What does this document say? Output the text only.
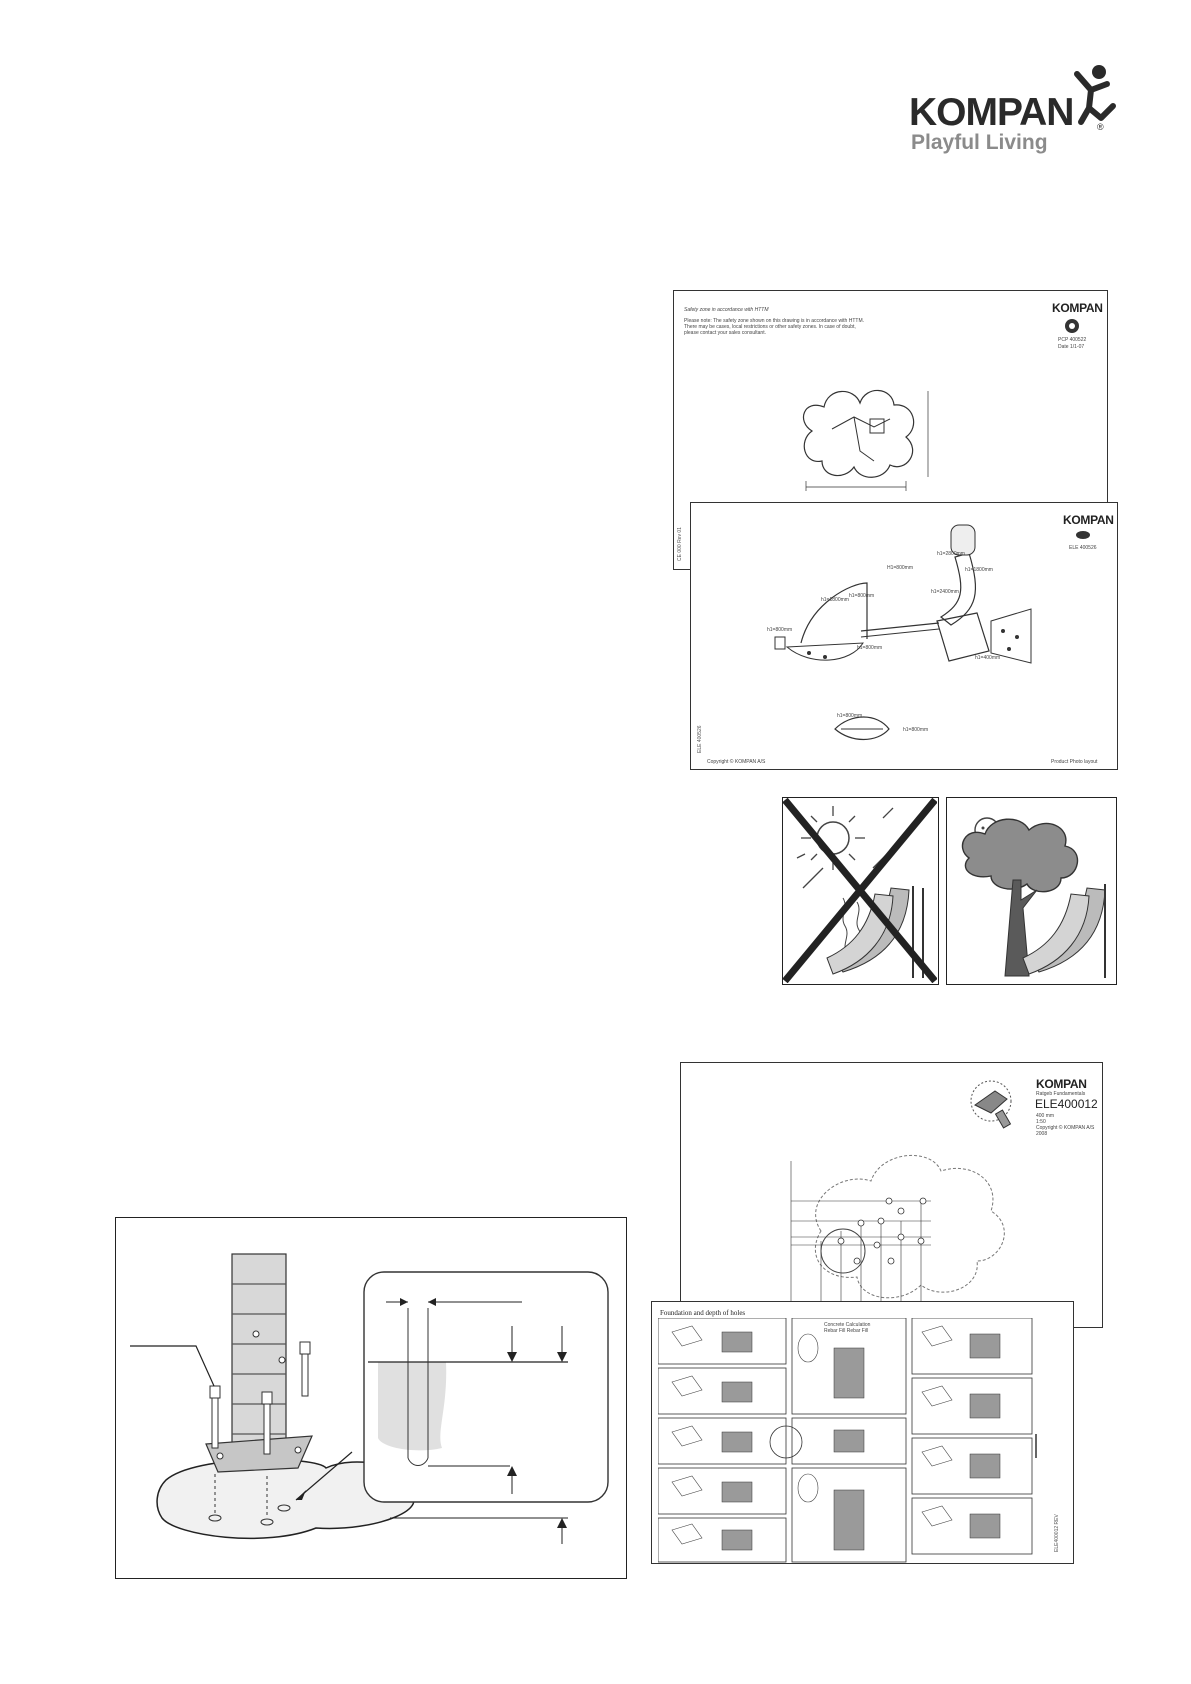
KOMPAN	®
Playful Living
Safety zone in accordance with HTTM
Please note: The safety zone shown on this drawing is in accordance with HTTM. There may be cases, local restrictions or other safety zones. In case of doubt, please contact your sales consultant.
KOMPAN
PCP 400522
Date 1/1-07
CE 000 Rev 01
KOMPAN
ELE 400526
ELE 400526
Copyright © KOMPAN A/S	Product Photo layout
h1=800mm
h1=1800mm
H1=800mm
h1=2400mm
h1=800mm
h1=2800mm
h1=1800mm
h1=800mm
h1=400mm
h1=800mm
h1=800mm
KOMPAN
Ratgeb Fundamentals
ELE400012
400 mm
1:50
Copyright © KOMPAN A/S 2008
Foundation and depth of holes
ELE400012 REV
Concrete Calculation Rebar Fill Rebar Fill
